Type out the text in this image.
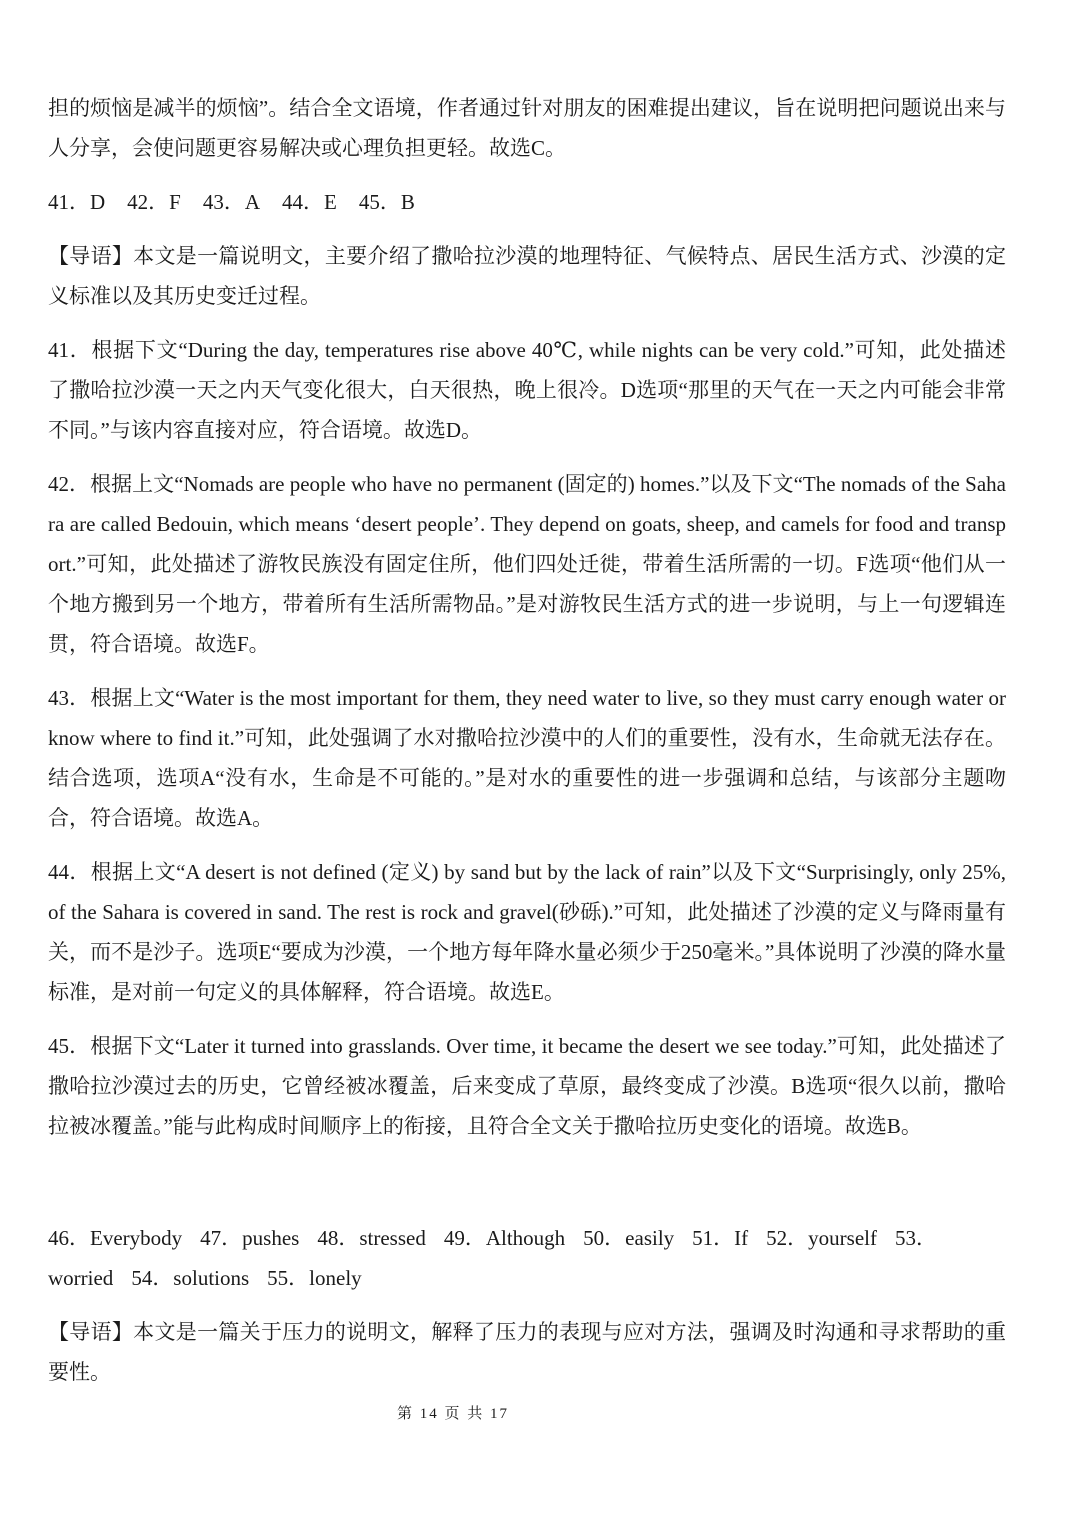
担的烦恼是减半的烦恼”。结合全文语境，作者通过针对朋友的困难提出建议，旨在说明把问题说出来与人分享，会使问题更容易解决或心理负担更轻。故选C。

41．D 42．F 43．A 44．E 45．B

【导语】本文是一篇说明文，主要介绍了撒哈拉沙漠的地理特征、气候特点、居民生活方式、沙漠的定义标准以及其历史变迁过程。

41．根据下文“During the day, temperatures rise above 40℃, while nights can be very cold.”可知，此处描述了撒哈拉沙漠一天之内天气变化很大，白天很热，晚上很冷。D选项“那里的天气在一天之内可能会非常不同。”与该内容直接对应，符合语境。故选D。

42．根据上文“Nomads are people who have no permanent (固定的) homes.”以及下文“The nomads of the Sahara are called Bedouin, which means ‘desert people’. They depend on goats, sheep, and camels for food and transport.”可知，此处描述了游牧民族没有固定住所，他们四处迁徙，带着生活所需的一切。F选项“他们从一个地方搬到另一个地方，带着所有生活所需物品。”是对游牧民生活方式的进一步说明，与上一句逻辑连贯，符合语境。故选F。

43．根据上文“Water is the most important for them, they need water to live, so they must carry enough water or know where to find it.”可知，此处强调了水对撒哈拉沙漠中的人们的重要性，没有水，生命就无法存在。结合选项，选项A“没有水，生命是不可能的。”是对水的重要性的进一步强调和总结，与该部分主题吻合，符合语境。故选A。

44．根据上文“A desert is not defined (定义) by sand but by the lack of rain”以及下文“Surprisingly, only 25%, of the Sahara is covered in sand. The rest is rock and gravel(砂砾).”可知，此处描述了沙漠的定义与降雨量有关，而不是沙子。选项E“要成为沙漠，一个地方每年降水量必须少于250毫米。”具体说明了沙漠的降水量标准，是对前一句定义的具体解释，符合语境。故选E。

45．根据下文“Later it turned into grasslands. Over time, it became the desert we see today.”可知，此处描述了撒哈拉沙漠过去的历史，它曾经被冰覆盖，后来变成了草原，最终变成了沙漠。B选项“很久以前，撒哈拉被冰覆盖。”能与此构成时间顺序上的衔接，且符合全文关于撒哈拉历史变化的语境。故选B。

46．Everybody 47．pushes 48．stressed 49．Although 50．easily 51．If 52．yourself 53．
worried 54．solutions 55．lonely

【导语】本文是一篇关于压力的说明文，解释了压力的表现与应对方法，强调及时沟通和寻求帮助的重要性。

第 14 页 共 17
